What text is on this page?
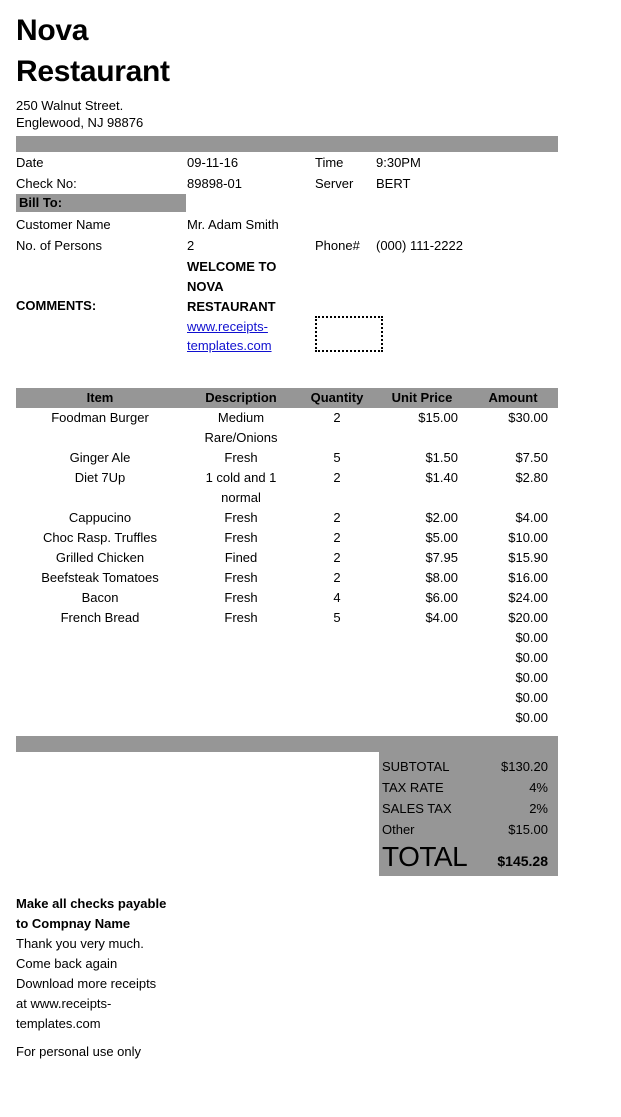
Nova
Restaurant
250 Walnut Street.
Englewood, NJ 98876
Date	09-11-16	Time	9:30PM
Check No:	89898-01	Server	BERT
Bill To:
Customer Name	Mr. Adam Smith
No. of Persons	2	Phone#	(000) 111-2222
COMMENTS:
WELCOME TO
NOVA
RESTAURANT
www.receipts-
templates.com
Item	Description	Quantity	Unit Price	Amount
Foodman Burger	Medium Rare/Onions	2	$15.00	$30.00
Ginger Ale	Fresh	5	$1.50	$7.50
Diet 7Up	1 cold and 1 normal	2	$1.40	$2.80
Cappucino	Fresh	2	$2.00	$4.00
Choc Rasp. Truffles	Fresh	2	$5.00	$10.00
Grilled Chicken	Fined	2	$7.95	$15.90
Beefsteak Tomatoes	Fresh	2	$8.00	$16.00
Bacon	Fresh	4	$6.00	$24.00
French Bread	Fresh	5	$4.00	$20.00
				$0.00
				$0.00
				$0.00
				$0.00
				$0.00
SUBTOTAL	$130.20
TAX RATE	4%
SALES TAX	2%
Other	$15.00
TOTAL	$145.28
Make all checks payable
to Compnay Name
Thank you very much.
Come back again
Download more receipts
at www.receipts-
templates.com
For personal use only
